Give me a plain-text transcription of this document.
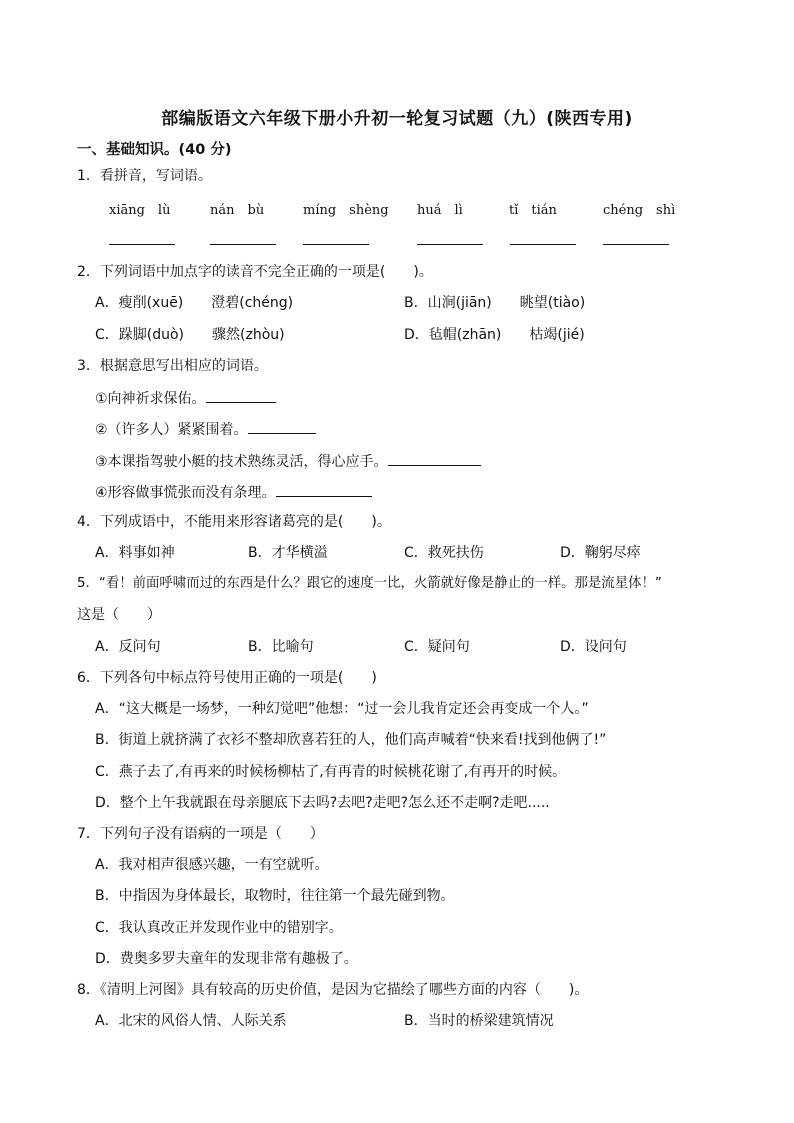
部编版语文六年级下册小升初一轮复习试题（九）(陕西专用)
一、基础知识。(40 分)
1．看拼音，写词语。
xiāng　lù	nán　bù	míng　shèng huá　lì	tǐ　tián	chéng　shì
2．下列词语中加点字的读音不完全正确的一项是(　　)。
A．瘦削(xuē)　　澄碧(chéng)	B．山涧(jiān)　　眺望(tiào)
C．跺脚(duò)　　骤然(zhòu)	D．毡帽(zhān)　　枯竭(jié)
3．根据意思写出相应的词语。
①向神祈求保佑。
②（许多人）紧紧围着。
③本课指驾驶小艇的技术熟练灵活，得心应手。
④形容做事慌张而没有条理。
4．下列成语中，不能用来形容诸葛亮的是(　　)。
A．料事如神	B．才华横溢	C．救死扶伤	D．鞠躬尽瘁
5．“看！前面呼啸而过的东西是什么？跟它的速度一比，火箭就好像是静止的一样。那是流星体！”
这是（　　）
A．反问句	B．比喻句	C．疑问句	D．设问句
6．下列各句中标点符号使用正确的一项是(　　)
A．“这大概是一场梦，一种幻觉吧”他想：“过一会儿我肯定还会再变成一个人。”
B．街道上就挤满了衣衫不整却欣喜若狂的人，他们高声喊着“快来看!找到他俩了!”
C．燕子去了,有再来的时候杨柳枯了,有再青的时候桃花谢了,有再开的时候。
D．整个上午我就跟在母亲腿底下去吗?去吧?走吧?怎么还不走啊?走吧.....
7．下列句子没有语病的一项是（　　）
A．我对相声很感兴趣，一有空就听。
B．中指因为身体最长，取物时，往往第一个最先碰到物。
C．我认真改正并发现作业中的错别字。
D．费奥多罗夫童年的发现非常有趣极了。
8．《清明上河图》具有较高的历史价值，是因为它描绘了哪些方面的内容（　　)。
A．北宋的风俗人情、人际关系	B．当时的桥梁建筑情况
